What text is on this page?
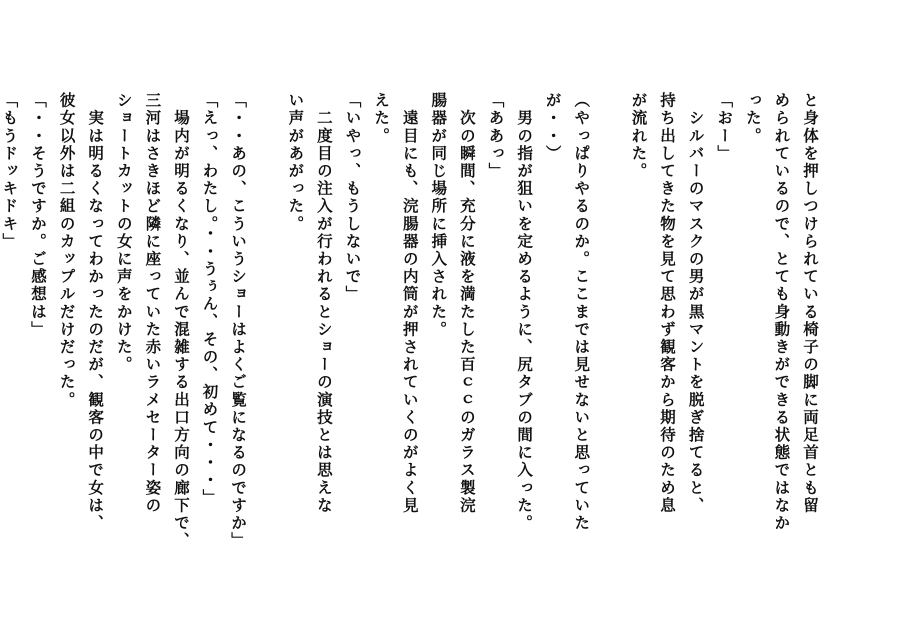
と身体を押しつけられている椅子の脚に両足首とも留
められているので、とても身動きができる状態ではなか
った。
「おー」
　シルバーのマスクの男が黒マントを脱ぎ捨てると、
持ち出してきた物を見て思わず観客から期待のため息
が流れた。

（やっぱりやるのか。ここまでは見せないと思っていた
が・・）
　男の指が狙いを定めるように、尻タブの間に入った。
「ああっ」
　次の瞬間、充分に液を満たした百ｃｃのガラス製浣
腸器が同じ場所に挿入された。
　遠目にも、浣腸器の内筒が押されていくのがよく見
えた。
「いやっ、もうしないで」
　二度目の注入が行われるとショーの演技とは思えな
い声があがった。

「・・あの、こういうショーはよくご覧になるのですか」
「えっ、わたし。・・うぅん、その、初めて・・・」
　場内が明るくなり、並んで混雑する出口方向の廊下で、
三河はさきほど隣に座っていた赤いラメセーター姿の
ショートカットの女に声をかけた。
　実は明るくなってわかったのだが、観客の中で女は、
彼女以外は二組のカップルだけだった。
「・・そうですか。ご感想は」
「もうドッキドキ」
